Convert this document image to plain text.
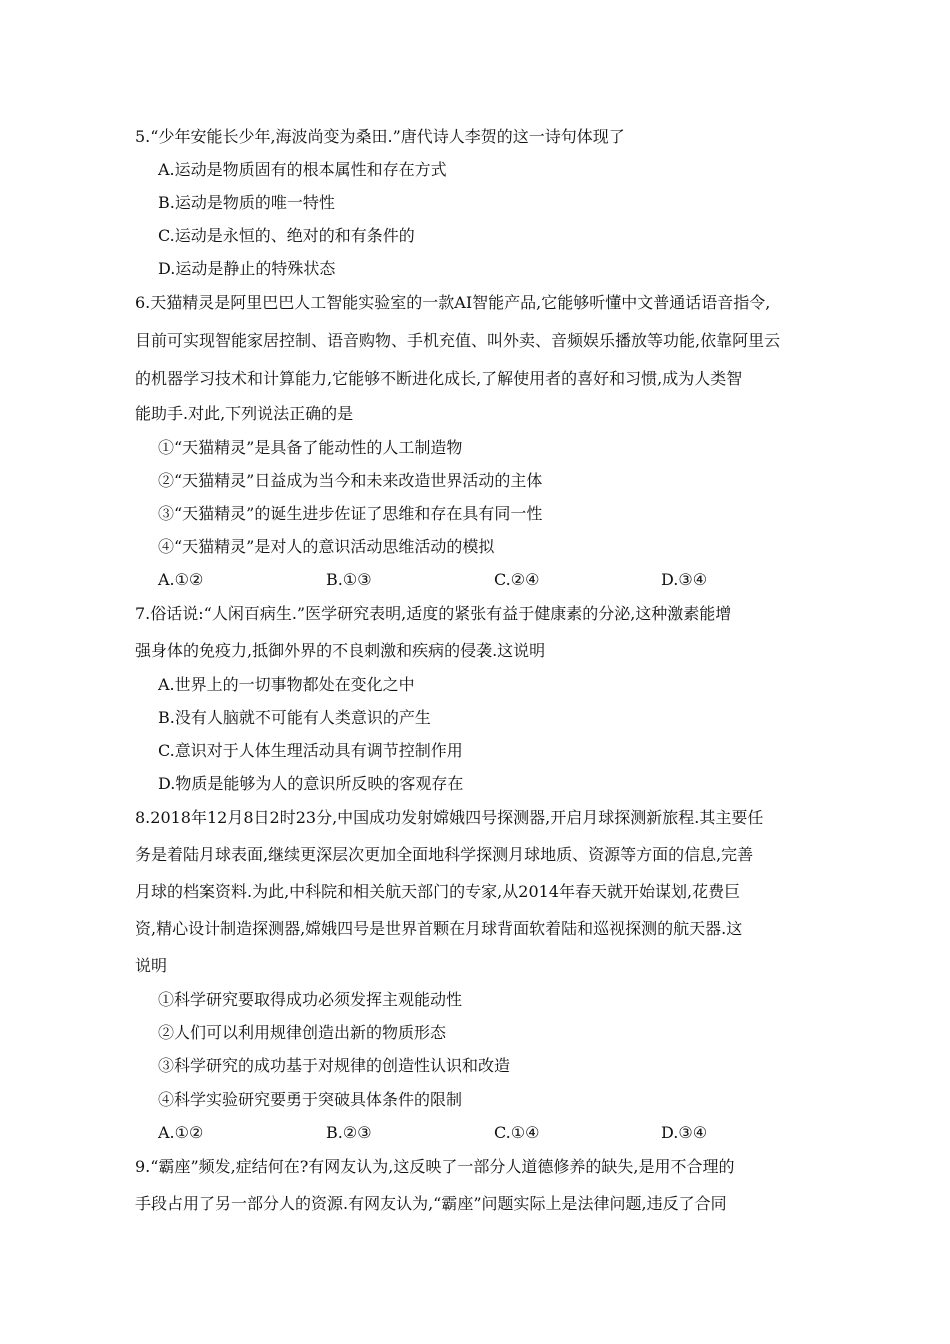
5.“少年安能长少年,海波尚变为桑田.”唐代诗人李贺的这一诗句体现了
A.运动是物质固有的根本属性和存在方式
B.运动是物质的唯一特性
C.运动是永恒的、绝对的和有条件的
D.运动是静止的特殊状态
6.天猫精灵是阿里巴巴人工智能实验室的一款AI智能产品,它能够听懂中文普通话语音指令,
目前可实现智能家居控制、语音购物、手机充值、叫外卖、音频娱乐播放等功能,依靠阿里云
的机器学习技术和计算能力,它能够不断进化成长,了解使用者的喜好和习惯,成为人类智
能助手.对此,下列说法正确的是
①“天猫精灵”是具备了能动性的人工制造物
②“天猫精灵”日益成为当今和未来改造世界活动的主体
③“天猫精灵”的诞生进步佐证了思维和存在具有同一性
④“天猫精灵”是对人的意识活动思维活动的模拟
A.①②	B.①③	C.②④	D.③④
7.俗话说:“人闲百病生.”医学研究表明,适度的紧张有益于健康素的分泌,这种激素能增
强身体的免疫力,抵御外界的不良刺激和疾病的侵袭.这说明
A.世界上的一切事物都处在变化之中
B.没有人脑就不可能有人类意识的产生
C.意识对于人体生理活动具有调节控制作用
D.物质是能够为人的意识所反映的客观存在
8.2018年12月8日2时23分,中国成功发射嫦娥四号探测器,开启月球探测新旅程.其主要任
务是着陆月球表面,继续更深层次更加全面地科学探测月球地质、资源等方面的信息,完善
月球的档案资料.为此,中科院和相关航天部门的专家,从2014年春天就开始谋划,花费巨
资,精心设计制造探测器,嫦娥四号是世界首颗在月球背面软着陆和巡视探测的航天器.这
说明
①科学研究要取得成功必须发挥主观能动性
②人们可以利用规律创造出新的物质形态
③科学研究的成功基于对规律的创造性认识和改造
④科学实验研究要勇于突破具体条件的限制
A.①②	B.②③	C.①④	D.③④
9.“霸座”频发,症结何在?有网友认为,这反映了一部分人道德修养的缺失,是用不合理的
手段占用了另一部分人的资源.有网友认为,“霸座”问题实际上是法律问题,违反了合同
